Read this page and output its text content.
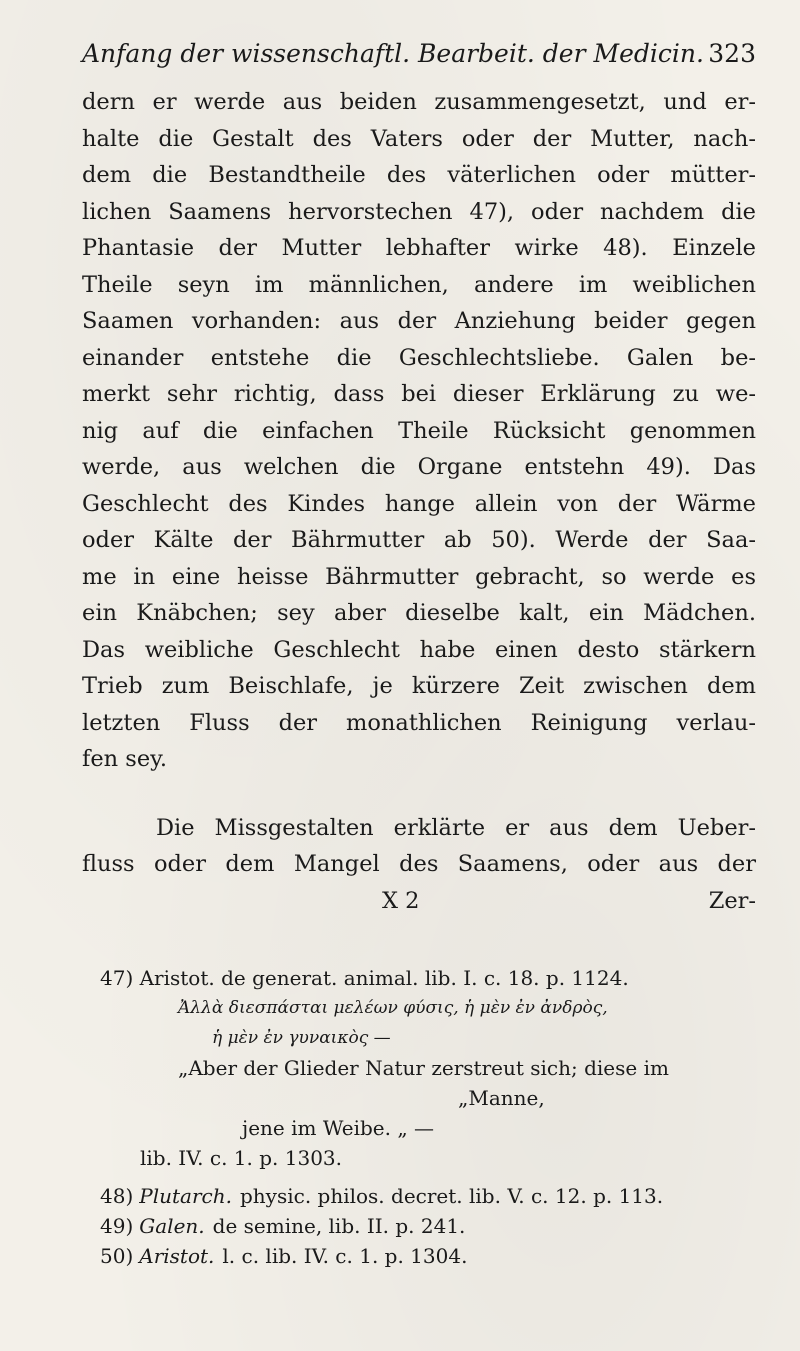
Anfang der wissenschaftl. Bearbeit. der Medicin. 323
dern er werde aus beiden zusammengesetzt, und er-
halte die Gestalt des Vaters oder der Mutter, nach-
dem die Bestandtheile des väterlichen oder mütter-
lichen Saamens hervorstechen 47), oder nachdem die
Phantasie der Mutter lebhafter wirke 48). Einzele
Theile seyn im männlichen, andere im weiblichen
Saamen vorhanden: aus der Anziehung beider gegen
einander entstehe die Geschlechtsliebe. Galen be-
merkt sehr richtig, dass bei dieser Erklärung zu we-
nig auf die einfachen Theile Rücksicht genommen
werde, aus welchen die Organe entstehn 49). Das
Geschlecht des Kindes hange allein von der Wärme
oder Kälte der Bährmutter ab 50). Werde der Saa-
me in eine heisse Bährmutter gebracht, so werde es
ein Knäbchen; sey aber dieselbe kalt, ein Mädchen.
Das weibliche Geschlecht habe einen desto stärkern
Trieb zum Beischlafe, je kürzere Zeit zwischen dem
letzten Fluss der monathlichen Reinigung verlau-
fen sey.
Die Missgestalten erklärte er aus dem Ueber-
fluss oder dem Mangel des Saamens, oder aus der
X 2	Zer-
47) Aristot. de generat. animal. lib. I. c. 18. p. 1124.
Ἀλλὰ διεσπάσται μελέων φύσις, ἡ μὲν ἐν ἀνδρὸς,
ἡ μὲν ἐν γυναικὸς —
„Aber der Glieder Natur zerstreut sich; diese im
„Manne,
jene im Weibe. „ —
lib. IV. c. 1. p. 1303.
48) Plutarch. physic. philos. decret. lib. V. c. 12. p. 113.
49) Galen. de semine, lib. II. p. 241.
50) Aristot. l. c. lib. IV. c. 1. p. 1304.
